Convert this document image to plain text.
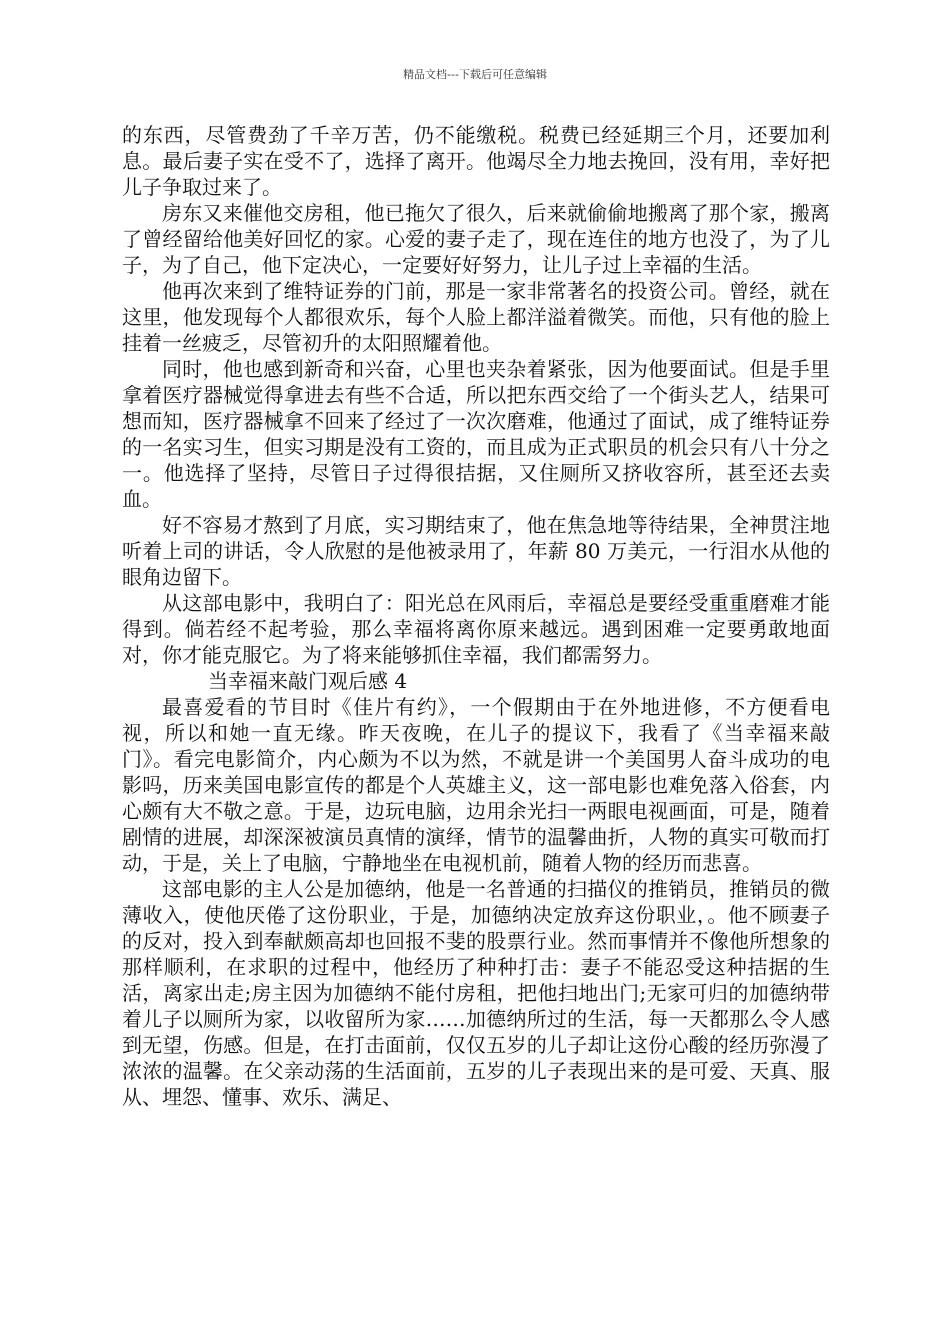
精品文档---下载后可任意编辑

的东西，尽管费劲了千辛万苦，仍不能缴税。税费已经延期三个月，还要加利息。最后妻子实在受不了，选择了离开。他竭尽全力地去挽回，没有用，幸好把儿子争取过来了。

房东又来催他交房租，他已拖欠了很久，后来就偷偷地搬离了那个家，搬离了曾经留给他美好回忆的家。心爱的妻子走了，现在连住的地方也没了，为了儿子，为了自己，他下定决心，一定要好好努力，让儿子过上幸福的生活。

他再次来到了维特证券的门前，那是一家非常著名的投资公司。曾经，就在这里，他发现每个人都很欢乐，每个人脸上都洋溢着微笑。而他，只有他的脸上挂着一丝疲乏，尽管初升的太阳照耀着他。

同时，他也感到新奇和兴奋，心里也夹杂着紧张，因为他要面试。但是手里拿着医疗器械觉得拿进去有些不合适，所以把东西交给了一个街头艺人，结果可想而知，医疗器械拿不回来了经过了一次次磨难，他通过了面试，成了维特证券的一名实习生，但实习期是没有工资的，而且成为正式职员的机会只有八十分之一。他选择了坚持，尽管日子过得很拮据，又住厕所又挤收容所，甚至还去卖血。

好不容易才熬到了月底，实习期结束了，他在焦急地等待结果，全神贯注地听着上司的讲话，令人欣慰的是他被录用了，年薪 80 万美元，一行泪水从他的眼角边留下。

从这部电影中，我明白了：阳光总在风雨后，幸福总是要经受重重磨难才能得到。倘若经不起考验，那么幸福将离你原来越远。遇到困难一定要勇敢地面对，你才能克服它。为了将来能够抓住幸福，我们都需努力。

当幸福来敲门观后感 4

最喜爱看的节目时《佳片有约》，一个假期由于在外地进修，不方便看电视，所以和她一直无缘。昨天夜晚，在儿子的提议下，我看了《当幸福来敲门》。看完电影简介，内心颇为不以为然，不就是讲一个美国男人奋斗成功的电影吗，历来美国电影宣传的都是个人英雄主义，这一部电影也难免落入俗套，内心颇有大不敬之意。于是，边玩电脑，边用余光扫一两眼电视画面，可是，随着剧情的进展，却深深被演员真情的演绎，情节的温馨曲折，人物的真实可敬而打动，于是，关上了电脑，宁静地坐在电视机前，随着人物的经历而悲喜。

这部电影的主人公是加德纳，他是一名普通的扫描仪的推销员，推销员的微薄收入，使他厌倦了这份职业，于是，加德纳决定放弃这份职业，。他不顾妻子的反对，投入到奉献颇高却也回报不斐的股票行业。然而事情并不像他所想象的那样顺利，在求职的过程中，他经历了种种打击：妻子不能忍受这种拮据的生活，离家出走;房主因为加德纳不能付房租，把他扫地出门;无家可归的加德纳带着儿子以厕所为家，以收留所为家……加德纳所过的生活，每一天都那么令人感到无望，伤感。但是，在打击面前，仅仅五岁的儿子却让这份心酸的经历弥漫了浓浓的温馨。在父亲动荡的生活面前，五岁的儿子表现出来的是可爱、天真、服从、埋怨、懂事、欢乐、满足、
